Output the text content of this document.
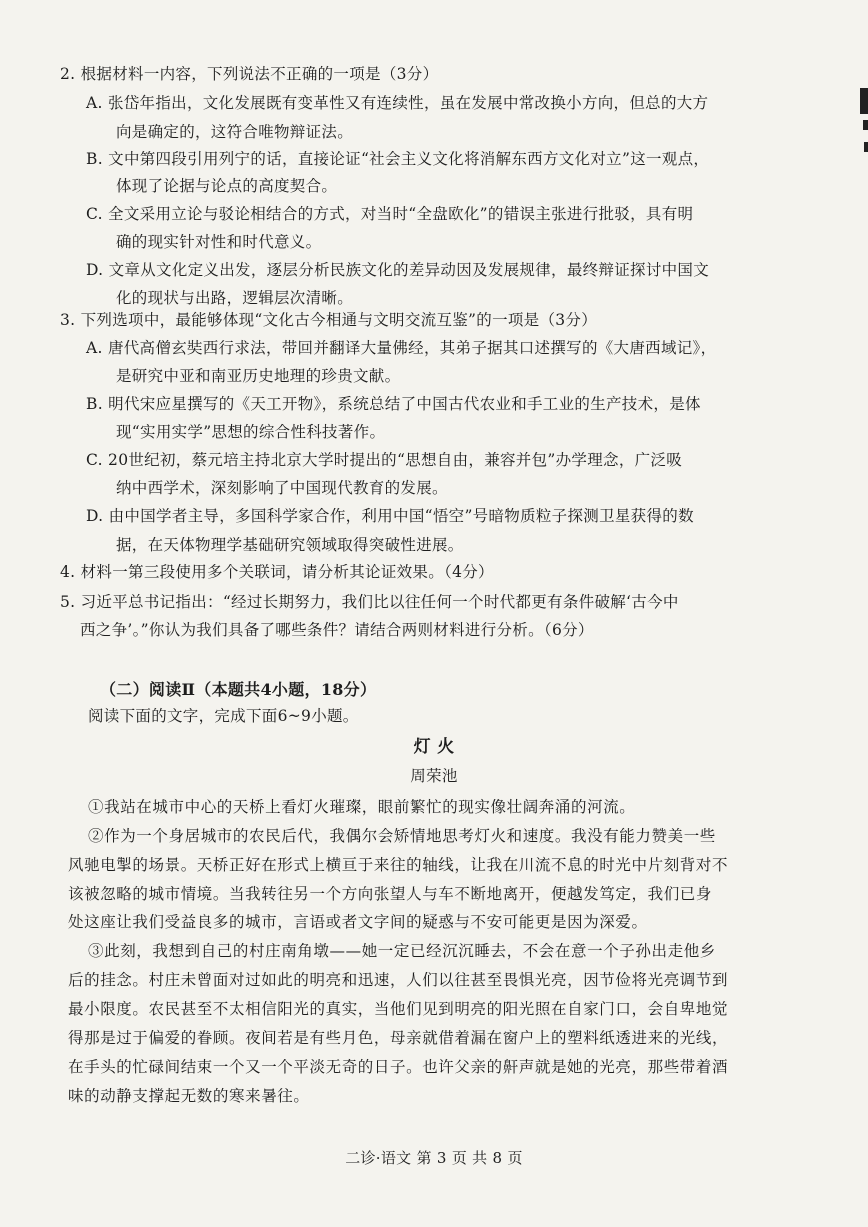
2. 根据材料一内容，下列说法不正确的一项是（3分）
A. 张岱年指出，文化发展既有变革性又有连续性，虽在发展中常改换小方向，但总的大方
向是确定的，这符合唯物辩证法。
B. 文中第四段引用列宁的话，直接论证“社会主义文化将消解东西方文化对立”这一观点，
体现了论据与论点的高度契合。
C. 全文采用立论与驳论相结合的方式，对当时“全盘欧化”的错误主张进行批驳，具有明
确的现实针对性和时代意义。
D. 文章从文化定义出发，逐层分析民族文化的差异动因及发展规律，最终辩证探讨中国文
化的现状与出路，逻辑层次清晰。
3. 下列选项中，最能够体现“文化古今相通与文明交流互鉴”的一项是（3分）
A. 唐代高僧玄奘西行求法，带回并翻译大量佛经，其弟子据其口述撰写的《大唐西域记》，
是研究中亚和南亚历史地理的珍贵文献。
B. 明代宋应星撰写的《天工开物》，系统总结了中国古代农业和手工业的生产技术，是体
现“实用实学”思想的综合性科技著作。
C. 20世纪初，蔡元培主持北京大学时提出的“思想自由，兼容并包”办学理念，广泛吸
纳中西学术，深刻影响了中国现代教育的发展。
D. 由中国学者主导，多国科学家合作，利用中国“悟空”号暗物质粒子探测卫星获得的数
据，在天体物理学基础研究领域取得突破性进展。
4. 材料一第三段使用多个关联词，请分析其论证效果。（4分）
5. 习近平总书记指出：“经过长期努力，我们比以往任何一个时代都更有条件破解‘古今中
西之争’。”你认为我们具备了哪些条件？请结合两则材料进行分析。（6分）
（二）阅读Ⅱ（本题共4小题，18分）
阅读下面的文字，完成下面6~9小题。
灯 火
周荣池
①我站在城市中心的天桥上看灯火璀璨，眼前繁忙的现实像壮阔奔涌的河流。
②作为一个身居城市的农民后代，我偶尔会矫情地思考灯火和速度。我没有能力赞美一些
风驰电掣的场景。天桥正好在形式上横亘于来往的轴线，让我在川流不息的时光中片刻背对不
该被忽略的城市情境。当我转往另一个方向张望人与车不断地离开，便越发笃定，我们已身
处这座让我们受益良多的城市，言语或者文字间的疑惑与不安可能更是因为深爱。
③此刻，我想到自己的村庄南角墩——她一定已经沉沉睡去，不会在意一个子孙出走他乡
后的挂念。村庄未曾面对过如此的明亮和迅速，人们以往甚至畏惧光亮，因节俭将光亮调节到
最小限度。农民甚至不太相信阳光的真实，当他们见到明亮的阳光照在自家门口，会自卑地觉
得那是过于偏爱的眷顾。夜间若是有些月色，母亲就借着漏在窗户上的塑料纸透进来的光线，
在手头的忙碌间结束一个又一个平淡无奇的日子。也许父亲的鼾声就是她的光亮，那些带着酒
味的动静支撑起无数的寒来暑往。
二诊·语文 第 3 页 共 8 页
